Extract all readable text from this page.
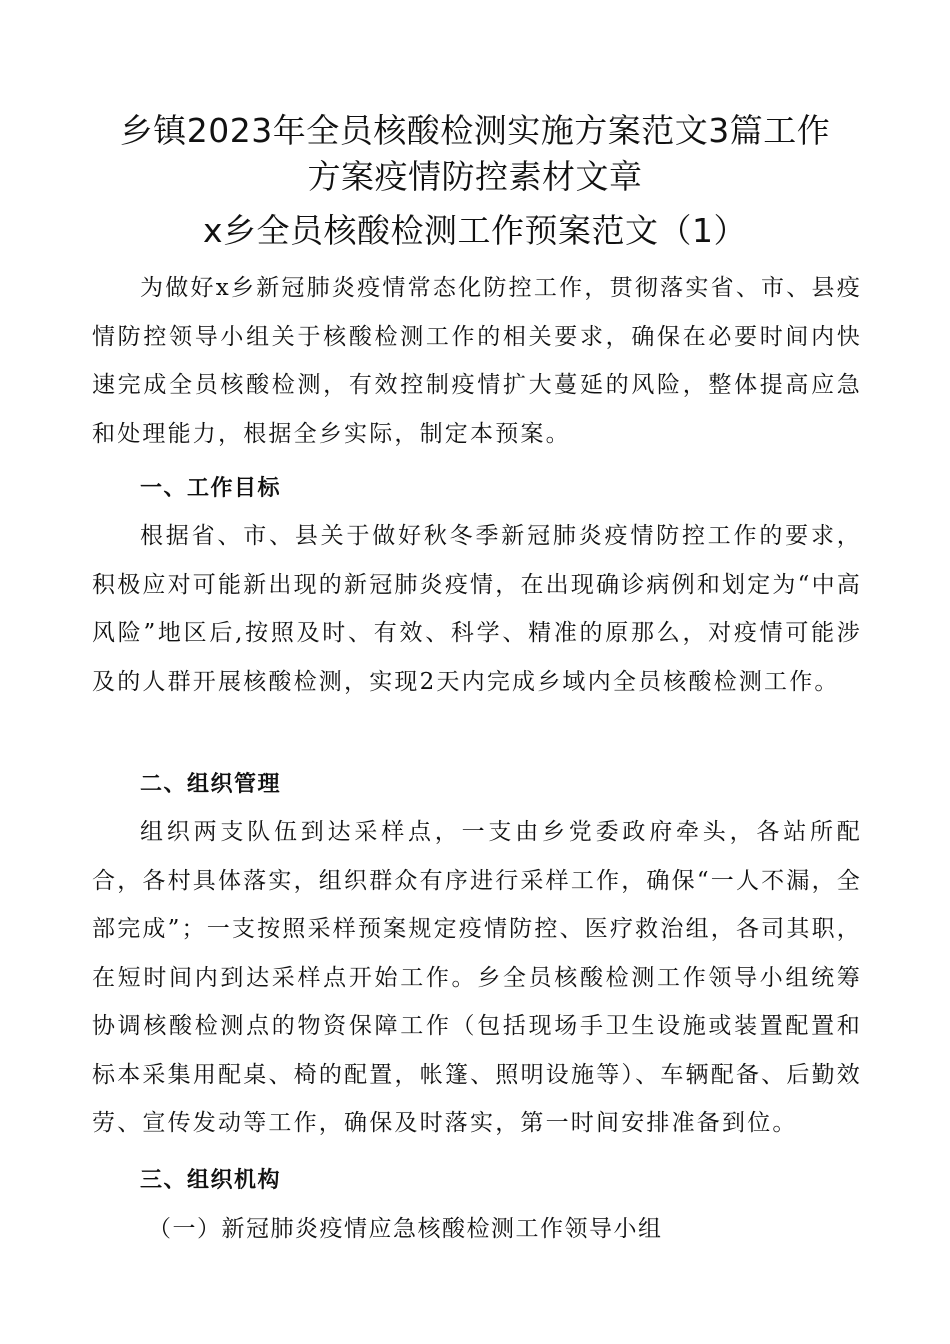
乡镇2023年全员核酸检测实施方案范文3篇工作
方案疫情防控素材文章
x乡全员核酸检测工作预案范文（1）
为做好x乡新冠肺炎疫情常态化防控工作，贯彻落实省、市、县疫情防控领导小组关于核酸检测工作的相关要求，确保在必要时间内快速完成全员核酸检测，有效控制疫情扩大蔓延的风险，整体提高应急和处理能力，根据全乡实际，制定本预案。
一、工作目标
根据省、市、县关于做好秋冬季新冠肺炎疫情防控工作的要求，积极应对可能新出现的新冠肺炎疫情，在出现确诊病例和划定为“中高风险”地区后,按照及时、有效、科学、精准的原那么，对疫情可能涉及的人群开展核酸检测，实现2天内完成乡域内全员核酸检测工作。
二、组织管理
组织两支队伍到达采样点，一支由乡党委政府牵头，各站所配合，各村具体落实，组织群众有序进行采样工作，确保“一人不漏，全部完成”；一支按照采样预案规定疫情防控、医疗救治组，各司其职，在短时间内到达采样点开始工作。乡全员核酸检测工作领导小组统筹协调核酸检测点的物资保障工作（包括现场手卫生设施或装置配置和标本采集用配桌、椅的配置，帐篷、照明设施等）、车辆配备、后勤效劳、宣传发动等工作，确保及时落实，第一时间安排准备到位。
三、组织机构
（一）新冠肺炎疫情应急核酸检测工作领导小组
